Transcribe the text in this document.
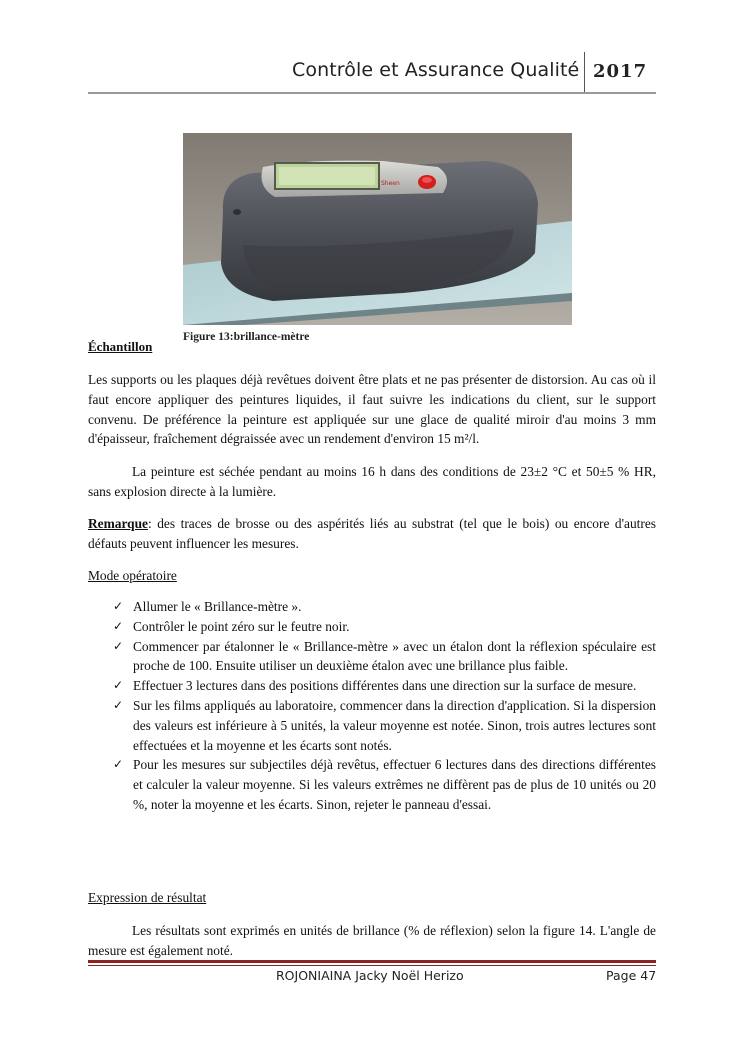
Contrôle et Assurance Qualité 2017
Sheen
Figure 13:brillance-mètre
Échantillon

Les supports ou les plaques déjà revêtues doivent être plats et ne pas présenter de distorsion. Au cas où il faut encore appliquer des peintures liquides, il faut suivre les indications du client, sur le support convenu. De préférence la peinture est appliquée sur une glace de qualité miroir d'au moins 3 mm d'épaisseur, fraîchement dégraissée avec un rendement d'environ 15 m²/l.

La peinture est séchée pendant au moins 16 h dans des conditions de 23±2 °C et 50±5 % HR, sans explosion directe à la lumière.

Remarque: des traces de brosse ou des aspérités liés au substrat (tel que le bois) ou encore d'autres défauts peuvent influencer les mesures.

Mode opératoire
✓ Allumer le « Brillance-mètre ».
✓ Contrôler le point zéro sur le feutre noir.
✓ Commencer par étalonner le « Brillance-mètre » avec un étalon dont la réflexion spéculaire est proche de 100. Ensuite utiliser un deuxième étalon avec une brillance plus faible.
✓ Effectuer 3 lectures dans des positions différentes dans une direction sur la surface de mesure.
✓ Sur les films appliqués au laboratoire, commencer dans la direction d'application. Si la dispersion des valeurs est inférieure à 5 unités, la valeur moyenne est notée. Sinon, trois autres lectures sont effectuées et la moyenne et les écarts sont notés.
✓ Pour les mesures sur subjectiles déjà revêtus, effectuer 6 lectures dans des directions différentes et calculer la valeur moyenne. Si les valeurs extrêmes ne diffèrent pas de plus de 10 unités ou 20 %, noter la moyenne et les écarts. Sinon, rejeter le panneau d'essai.
Expression de résultat

Les résultats sont exprimés en unités de brillance (% de réflexion) selon la figure 14. L'angle de mesure est également noté.

ROJONIAINA Jacky Noël Herizo	Page 47
